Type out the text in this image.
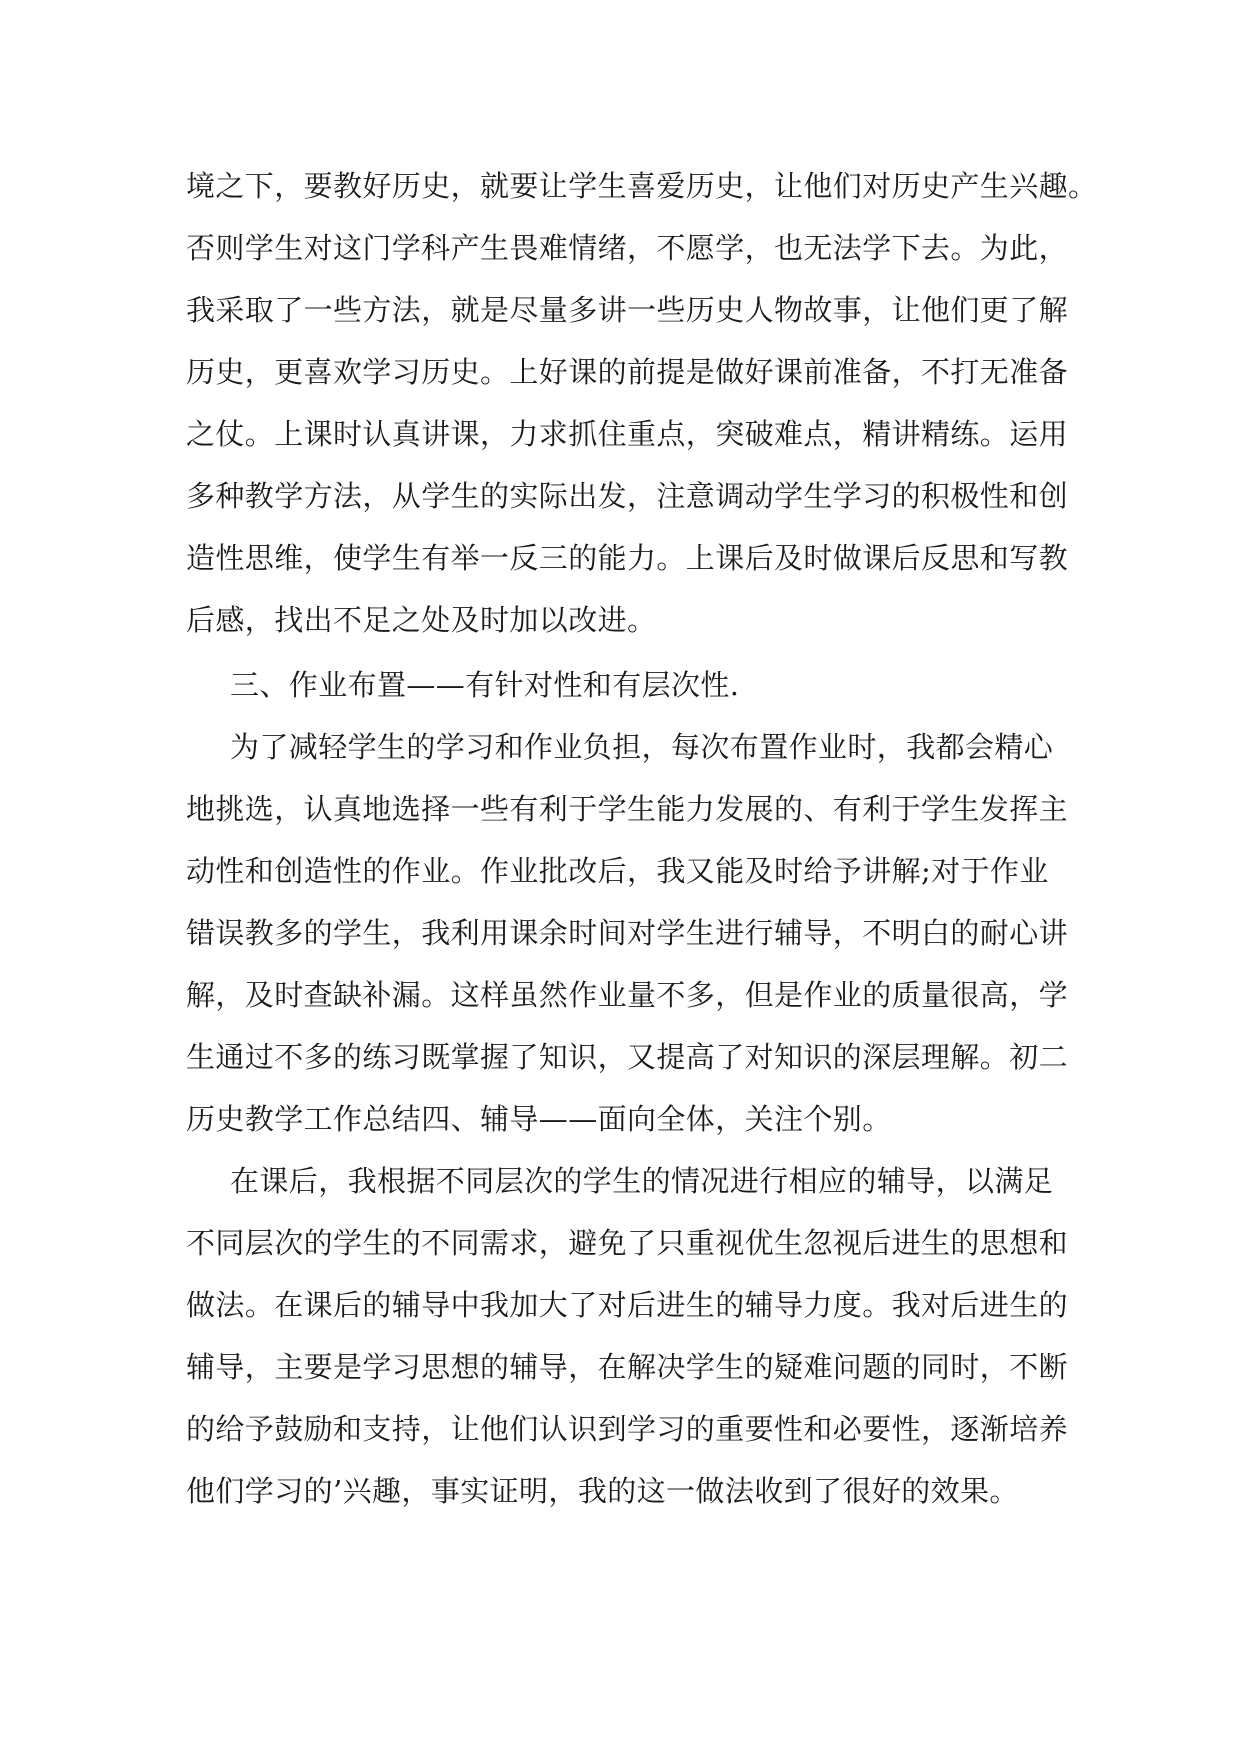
境之下，要教好历史，就要让学生喜爱历史，让他们对历史产生兴趣。
否则学生对这门学科产生畏难情绪，不愿学，也无法学下去。为此，
我采取了一些方法，就是尽量多讲一些历史人物故事，让他们更了解
历史，更喜欢学习历史。上好课的前提是做好课前准备，不打无准备
之仗。上课时认真讲课，力求抓住重点，突破难点，精讲精练。运用
多种教学方法，从学生的实际出发，注意调动学生学习的积极性和创
造性思维，使学生有举一反三的能力。上课后及时做课后反思和写教
后感，找出不足之处及时加以改进。

三、作业布置——有针对性和有层次性.

为了减轻学生的学习和作业负担，每次布置作业时，我都会精心
地挑选，认真地选择一些有利于学生能力发展的、有利于学生发挥主
动性和创造性的作业。作业批改后，我又能及时给予讲解;对于作业
错误教多的学生，我利用课余时间对学生进行辅导，不明白的耐心讲
解，及时查缺补漏。这样虽然作业量不多，但是作业的质量很高，学
生通过不多的练习既掌握了知识，又提高了对知识的深层理解。初二
历史教学工作总结四、辅导——面向全体，关注个别。

在课后，我根据不同层次的学生的情况进行相应的辅导，以满足
不同层次的学生的不同需求，避免了只重视优生忽视后进生的思想和
做法。在课后的辅导中我加大了对后进生的辅导力度。我对后进生的
辅导，主要是学习思想的辅导，在解决学生的疑难问题的同时，不断
的给予鼓励和支持，让他们认识到学习的重要性和必要性，逐渐培养
他们学习的’兴趣，事实证明，我的这一做法收到了很好的效果。
